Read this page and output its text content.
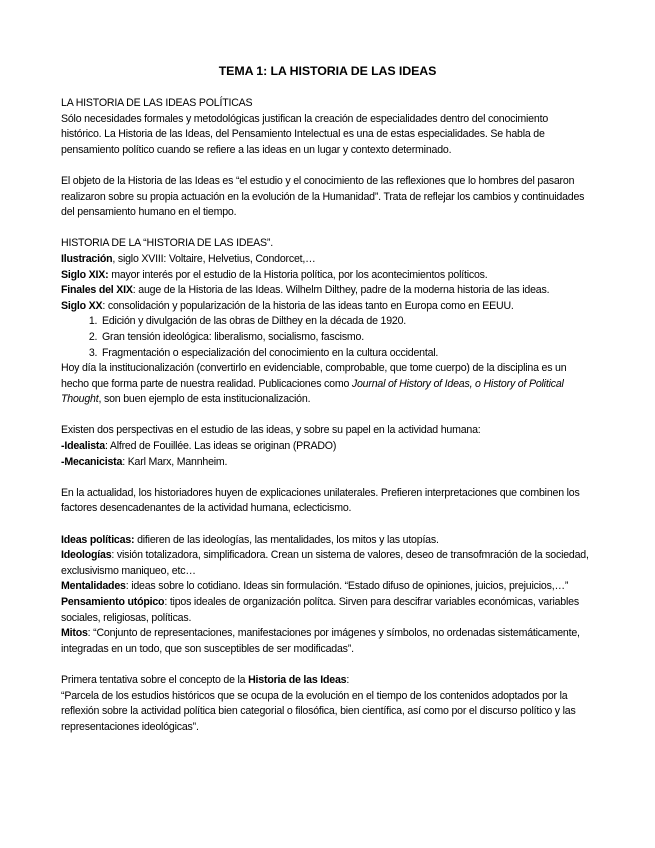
TEMA 1: LA HISTORIA DE LAS IDEAS

LA HISTORIA DE LAS IDEAS POLÍTICAS

Sólo necesidades formales y metodológicas justifican la creación de especialidades dentro del conocimiento histórico. La Historia de las Ideas, del Pensamiento Intelectual es una de estas especialidades. Se habla de pensamiento político cuando se refiere a las ideas en un lugar y contexto determinado.

El objeto de la Historia de las Ideas es “el estudio y el conocimiento de las reflexiones que lo hombres del pasaron realizaron sobre su propia actuación en la evolución de la Humanidad”. Trata de reflejar los cambios y continuidades del pensamiento humano en el tiempo.

HISTORIA DE LA “HISTORIA DE LAS IDEAS”.

Ilustración, siglo XVIII: Voltaire, Helvetius, Condorcet,…

Siglo XIX: mayor interés por el estudio de la Historia política, por los acontecimientos políticos.

Finales del XIX: auge de la Historia de las Ideas. Wilhelm Dilthey, padre de la moderna historia de las ideas.

Siglo XX: consolidación y popularización de la historia de las ideas tanto en Europa como en EEUU.

1. Edición y divulgación de las obras de Dilthey en la década de 1920.
2. Gran tensión ideológica: liberalismo, socialismo, fascismo.
3. Fragmentación o especialización del conocimiento en la cultura occidental.

Hoy día la institucionalización (convertirlo en evidenciable, comprobable, que tome cuerpo) de la disciplina es un hecho que forma parte de nuestra realidad. Publicaciones como Journal of History of Ideas, o History of Political Thought, son buen ejemplo de esta institucionalización.

Existen dos perspectivas en el estudio de las ideas, y sobre su papel en la actividad humana:

-Idealista: Alfred de Fouillée. Las ideas se originan (PRADO)

-Mecanicista: Karl Marx, Mannheim.

En la actualidad, los historiadores huyen de explicaciones unilaterales. Prefieren interpretaciones que combinen los factores desencadenantes de la actividad humana, eclecticismo.

Ideas políticas: difieren de las ideologías, las mentalidades, los mitos y las utopías.

Ideologías: visión totalizadora, simplificadora. Crean un sistema de valores, deseo de transofmración de la sociedad, exclusivismo maniqueo, etc…

Mentalidades: ideas sobre lo cotidiano. Ideas sin formulación. “Estado difuso de opiniones, juicios, prejuicios,…”

Pensamiento utópico: tipos ideales de organización polítca. Sirven para descifrar variables económicas, variables sociales, religiosas, políticas.

Mitos: “Conjunto de representaciones, manifestaciones por imágenes y símbolos, no ordenadas sistemáticamente, integradas en un todo, que son susceptibles de ser modificadas”.

Primera tentativa sobre el concepto de la Historia de las Ideas:

“Parcela de los estudios históricos que se ocupa de la evolución en el tiempo de los contenidos adoptados por la reflexión sobre la actividad política bien categorial o filosófica, bien científica, así como por el discurso político y las representaciones ideológicas”.
